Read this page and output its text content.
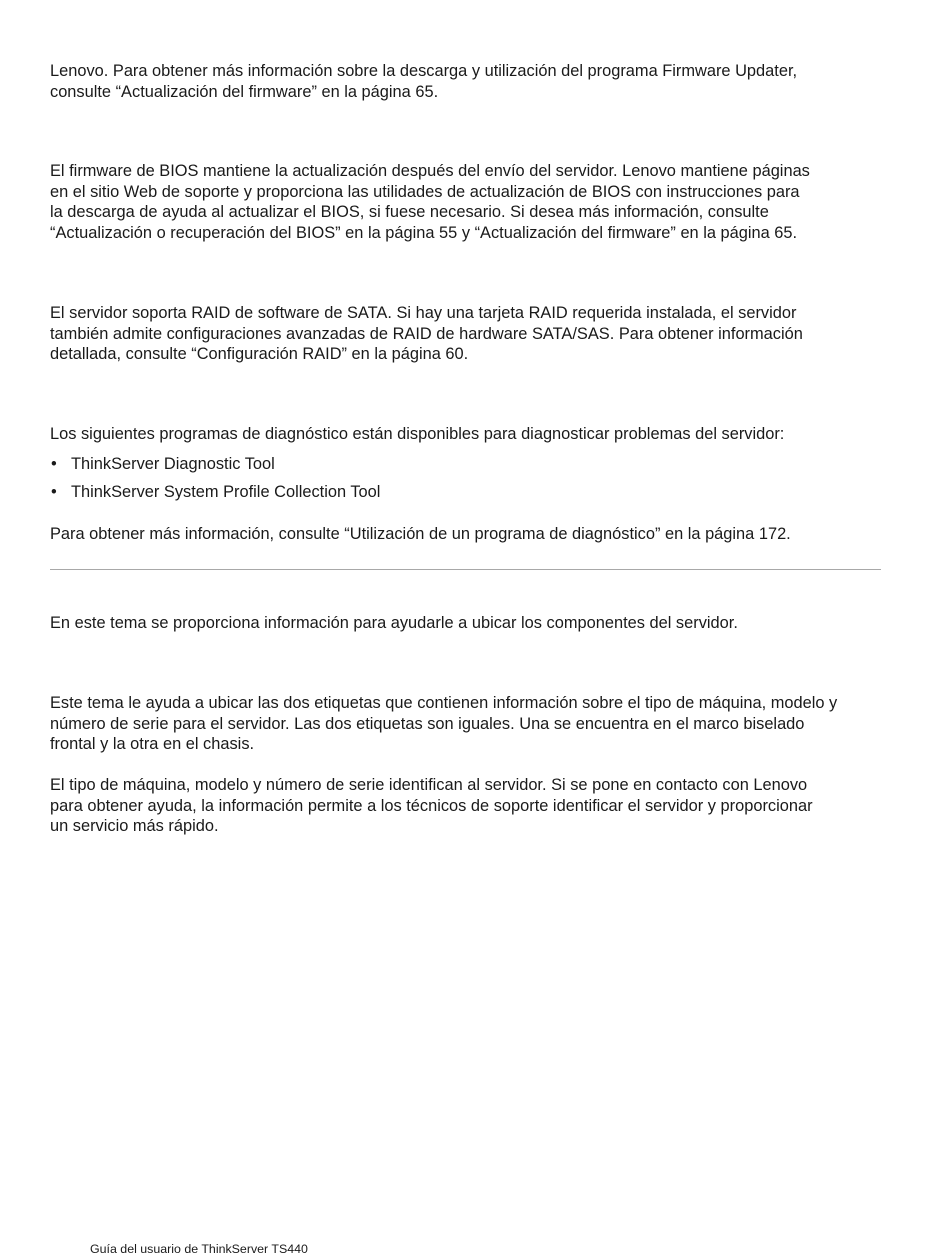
Lenovo. Para obtener más información sobre la descarga y utilización del programa Firmware Updater,
consulte “Actualización del firmware” en la página 65.

El firmware de BIOS mantiene la actualización después del envío del servidor. Lenovo mantiene páginas
en el sitio Web de soporte y proporciona las utilidades de actualización de BIOS con instrucciones para
la descarga de ayuda al actualizar el BIOS, si fuese necesario. Si desea más información, consulte
“Actualización o recuperación del BIOS” en la página 55 y “Actualización del firmware” en la página 65.

El servidor soporta RAID de software de SATA. Si hay una tarjeta RAID requerida instalada, el servidor
también admite configuraciones avanzadas de RAID de hardware SATA/SAS. Para obtener información
detallada, consulte “Configuración RAID” en la página 60.

Los siguientes programas de diagnóstico están disponibles para diagnosticar problemas del servidor:

• ThinkServer Diagnostic Tool
• ThinkServer System Profile Collection Tool

Para obtener más información, consulte “Utilización de un programa de diagnóstico” en la página 172.

En este tema se proporciona información para ayudarle a ubicar los componentes del servidor.

Este tema le ayuda a ubicar las dos etiquetas que contienen información sobre el tipo de máquina, modelo y
número de serie para el servidor. Las dos etiquetas son iguales. Una se encuentra en el marco biselado
frontal y la otra en el chasis.

El tipo de máquina, modelo y número de serie identifican al servidor. Si se pone en contacto con Lenovo
para obtener ayuda, la información permite a los técnicos de soporte identificar el servidor y proporcionar
un servicio más rápido.

Guía del usuario de ThinkServer TS440
